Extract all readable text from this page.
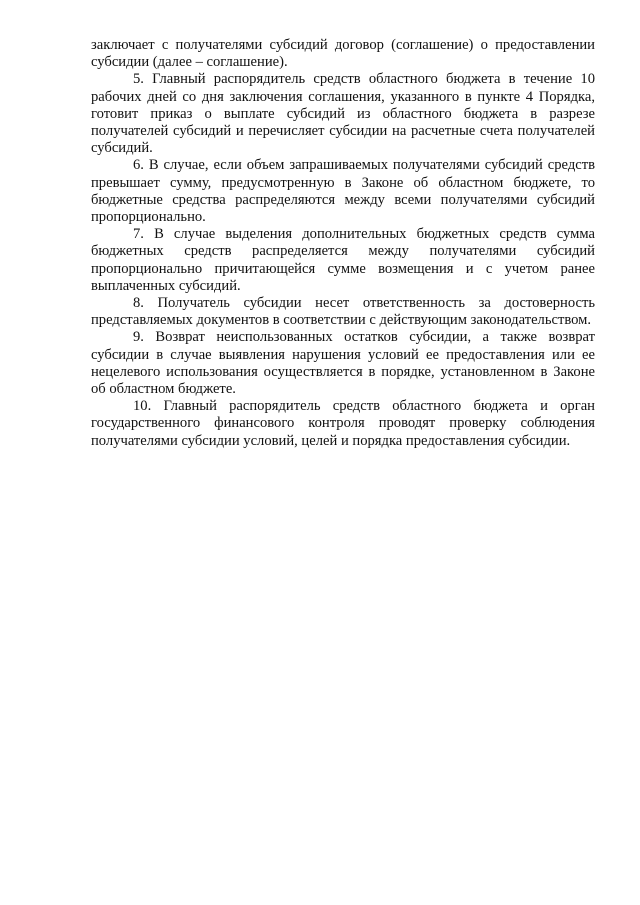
заключает с получателями субсидий договор (соглашение) о предоставлении субсидии (далее – соглашение).

5. Главный распорядитель средств областного бюджета в течение 10 рабочих дней со дня заключения соглашения, указанного в пункте 4 Порядка, готовит приказ о выплате субсидий из областного бюджета в разрезе получателей субсидий и перечисляет субсидии на расчетные счета получателей субсидий.

6. В случае, если объем запрашиваемых получателями субсидий средств превышает сумму, предусмотренную в Законе об областном бюджете, то бюджетные средства распределяются между всеми получателями субсидий пропорционально.

7. В случае выделения дополнительных бюджетных средств сумма бюджетных средств распределяется между получателями субсидий пропорционально причитающейся сумме возмещения и с учетом ранее выплаченных субсидий.

8. Получатель субсидии несет ответственность за достоверность представляемых документов в соответствии с действующим законодательством.

9. Возврат неиспользованных остатков субсидии, а также возврат субсидии в случае выявления нарушения условий ее предоставления или ее нецелевого использования осуществляется в порядке, установленном в Законе об областном бюджете.

10. Главный распорядитель средств областного бюджета и орган государственного финансового контроля проводят проверку соблюдения получателями субсидии условий, целей и порядка предоставления субсидии.
